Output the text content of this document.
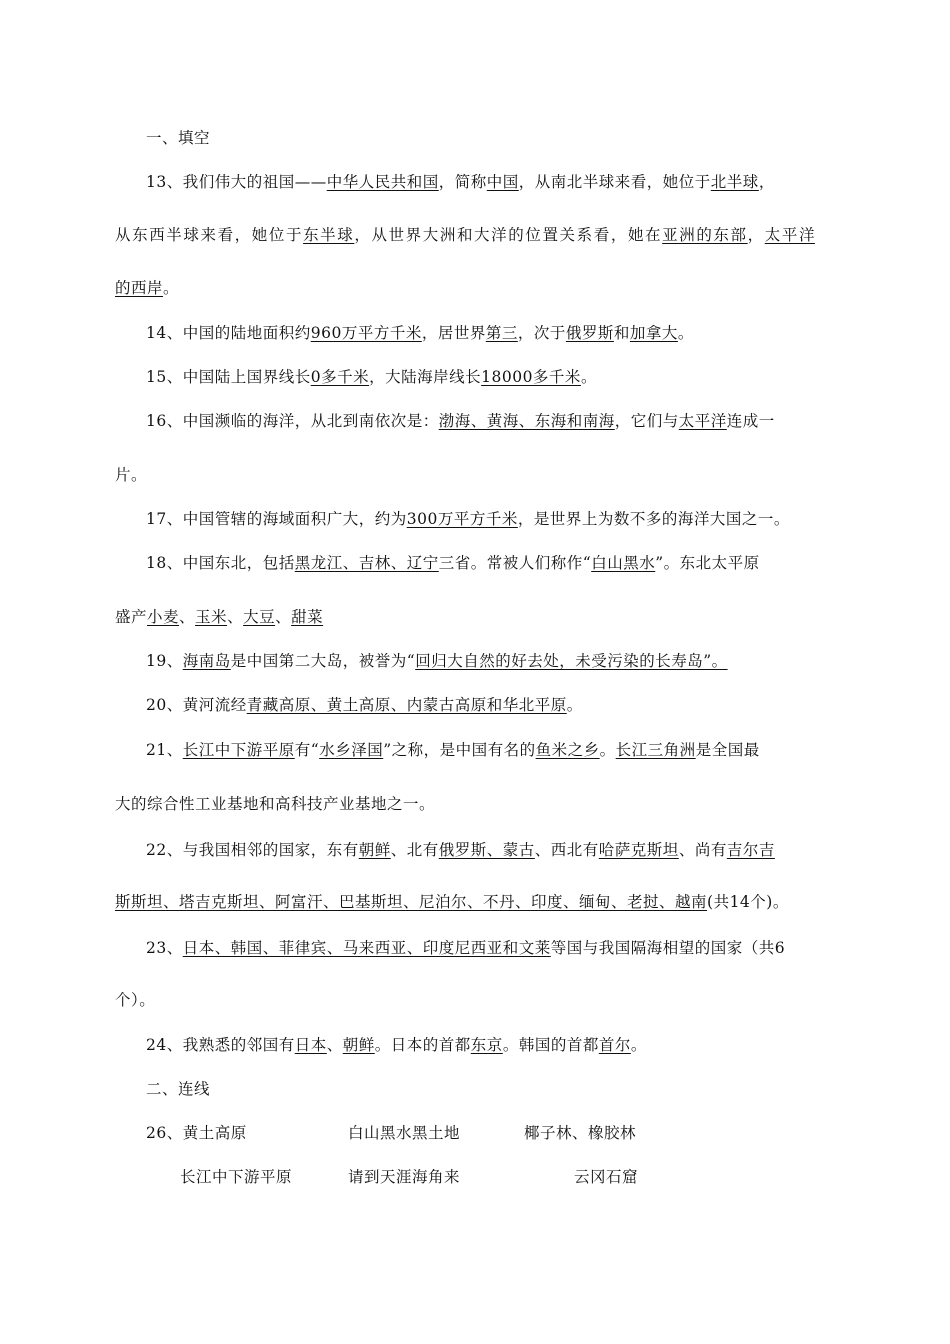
一、填空
13、我们伟大的祖国——中华人民共和国，简称中国，从南北半球来看，她位于北半球，
从东西半球来看，她位于东半球，从世界大洲和大洋的位置关系看，她在亚洲的东部，太平洋
的西岸。
14、中国的陆地面积约960万平方千米，居世界第三，次于俄罗斯和加拿大。
15、中国陆上国界线长0多千米，大陆海岸线长18000多千米。
16、中国濒临的海洋，从北到南依次是：渤海、黄海、东海和南海，它们与太平洋连成一
片。
17、中国管辖的海域面积广大，约为300万平方千米，是世界上为数不多的海洋大国之一。
18、中国东北，包括黑龙江、吉林、辽宁三省。常被人们称作“白山黑水”。东北太平原
盛产小麦、玉米、大豆、甜菜
19、海南岛是中国第二大岛，被誉为“回归大自然的好去处，未受污染的长寿岛”。
20、黄河流经青藏高原、黄土高原、内蒙古高原和华北平原。
21、长江中下游平原有“水乡泽国”之称，是中国有名的鱼米之乡。长江三角洲是全国最
大的综合性工业基地和高科技产业基地之一。
22、与我国相邻的国家，东有朝鲜、北有俄罗斯、蒙古、西北有哈萨克斯坦、尚有吉尔吉
斯斯坦、塔吉克斯坦、阿富汗、巴基斯坦、尼泊尔、不丹、印度、缅甸、老挝、越南(共14个)。
23、日本、韩国、菲律宾、马来西亚、印度尼西亚和文莱等国与我国隔海相望的国家（共6
个）。
24、我熟悉的邻国有日本、朝鲜。日本的首都东京。韩国的首都首尔。
二、连线
26、黄土高原	白山黑水黑土地	椰子林、橡胶林
长江中下游平原	请到天涯海角来	云冈石窟
